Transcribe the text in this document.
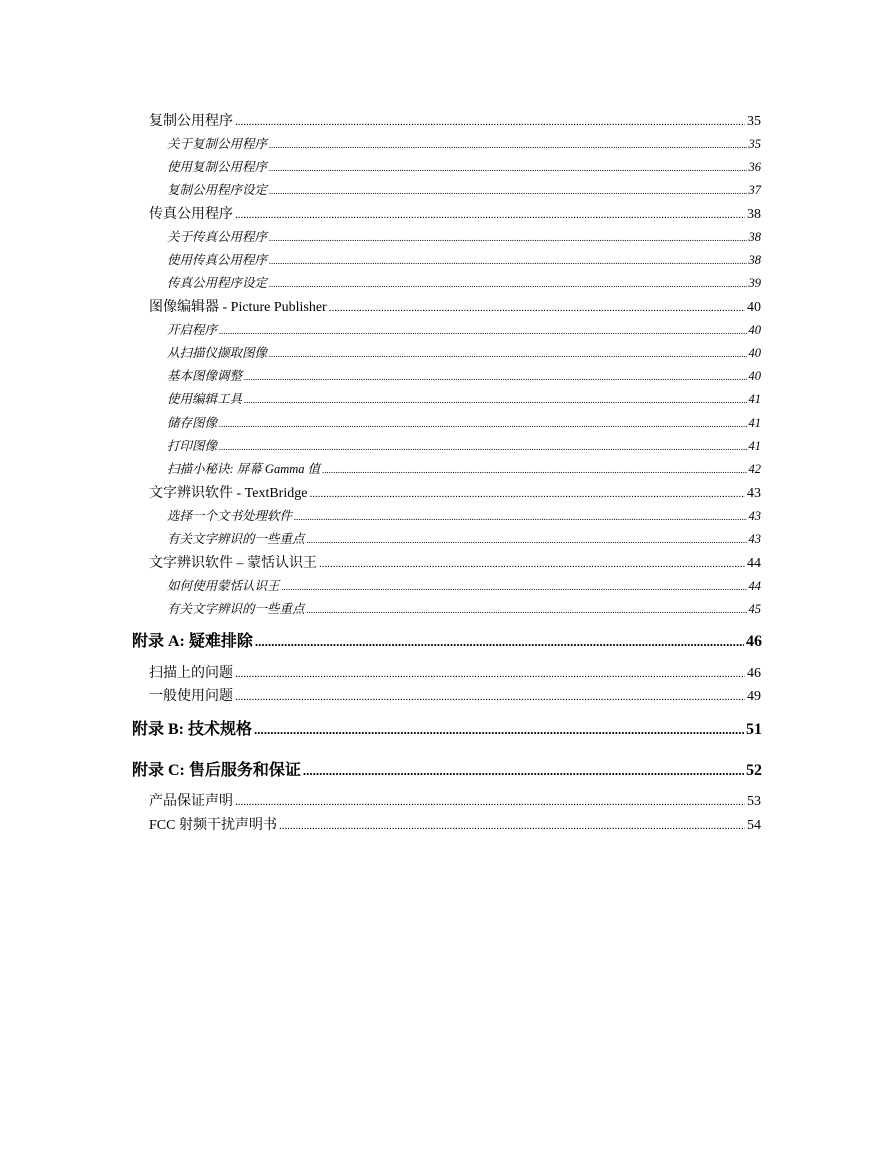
复制公用程序 .....	35
关于复制公用程序 .....	35
使用复制公用程序 .....	36
复制公用程序设定 .....	37
传真公用程序 .....	38
关于传真公用程序 .....	38
使用传真公用程序 .....	38
传真公用程序设定 .....	39
图像编辑器 - Picture Publisher .....	40
开启程序 .....	40
从扫描仪撷取图像 .....	40
基本图像调整 .....	40
使用编辑工具 .....	41
储存图像 .....	41
打印图像 .....	41
扫描小秘诀: 屏幕 Gamma 值 .....	42
文字辨识软件 - TextBridge .....	43
选择一个文书处理软件 .....	43
有关文字辨识的一些重点 .....	43
文字辨识软件 – 蒙恬认识王 .....	44
如何使用蒙恬认识王 .....	44
有关文字辨识的一些重点 .....	45
附录 A: 疑难排除 .....	46
扫描上的问题 .....	46
一般使用问题 .....	49
附录 B: 技术规格 .....	51
附录 C: 售后服务和保证 .....	52
产品保证声明 .....	53
FCC 射频干扰声明书 .....	54
